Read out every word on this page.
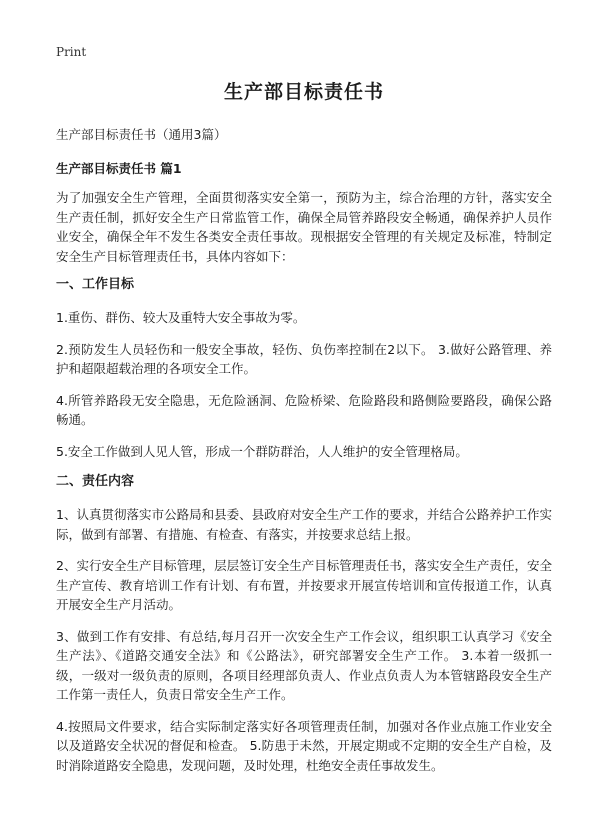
Print
生产部目标责任书
生产部目标责任书（通用3篇）
生产部目标责任书 篇1

为了加强安全生产管理，全面贯彻落实安全第一，预防为主，综合治理的方针，落实安全生产责任制，抓好安全生产日常监管工作，确保全局管养路段安全畅通，确保养护人员作业安全，确保全年不发生各类安全责任事故。现根据安全管理的有关规定及标准，特制定安全生产目标管理责任书，具体内容如下：

一、工作目标

1.重伤、群伤、较大及重特大安全事故为零。

2.预防发生人员轻伤和一般安全事故，轻伤、负伤率控制在2以下。 3.做好公路管理、养护和超限超载治理的各项安全工作。

4.所管养路段无安全隐患，无危险涵洞、危险桥梁、危险路段和路侧险要路段，确保公路畅通。

5.安全工作做到人见人管，形成一个群防群治，人人维护的安全管理格局。

二、责任内容

1、认真贯彻落实市公路局和县委、县政府对安全生产工作的要求，并结合公路养护工作实际，做到有部署、有措施、有检查、有落实，并按要求总结上报。

2、实行安全生产目标管理，层层签订安全生产目标管理责任书，落实安全生产责任，安全生产宣传、教育培训工作有计划、有布置，并按要求开展宣传培训和宣传报道工作，认真开展安全生产月活动。

3、做到工作有安排、有总结,每月召开一次安全生产工作会议，组织职工认真学习《安全生产法》、《道路交通安全法》和《公路法》，研究部署安全生产工作。 3.本着一级抓一级，一级对一级负责的原则，各项目经理部负责人、作业点负责人为本管辖路段安全生产工作第一责任人，负责日常安全生产工作。

4.按照局文件要求，结合实际制定落实好各项管理责任制，加强对各作业点施工作业安全以及道路安全状况的督促和检查。 5.防患于未然，开展定期或不定期的安全生产自检，及时消除道路安全隐患，发现问题，及时处理，杜绝安全责任事故发生。
